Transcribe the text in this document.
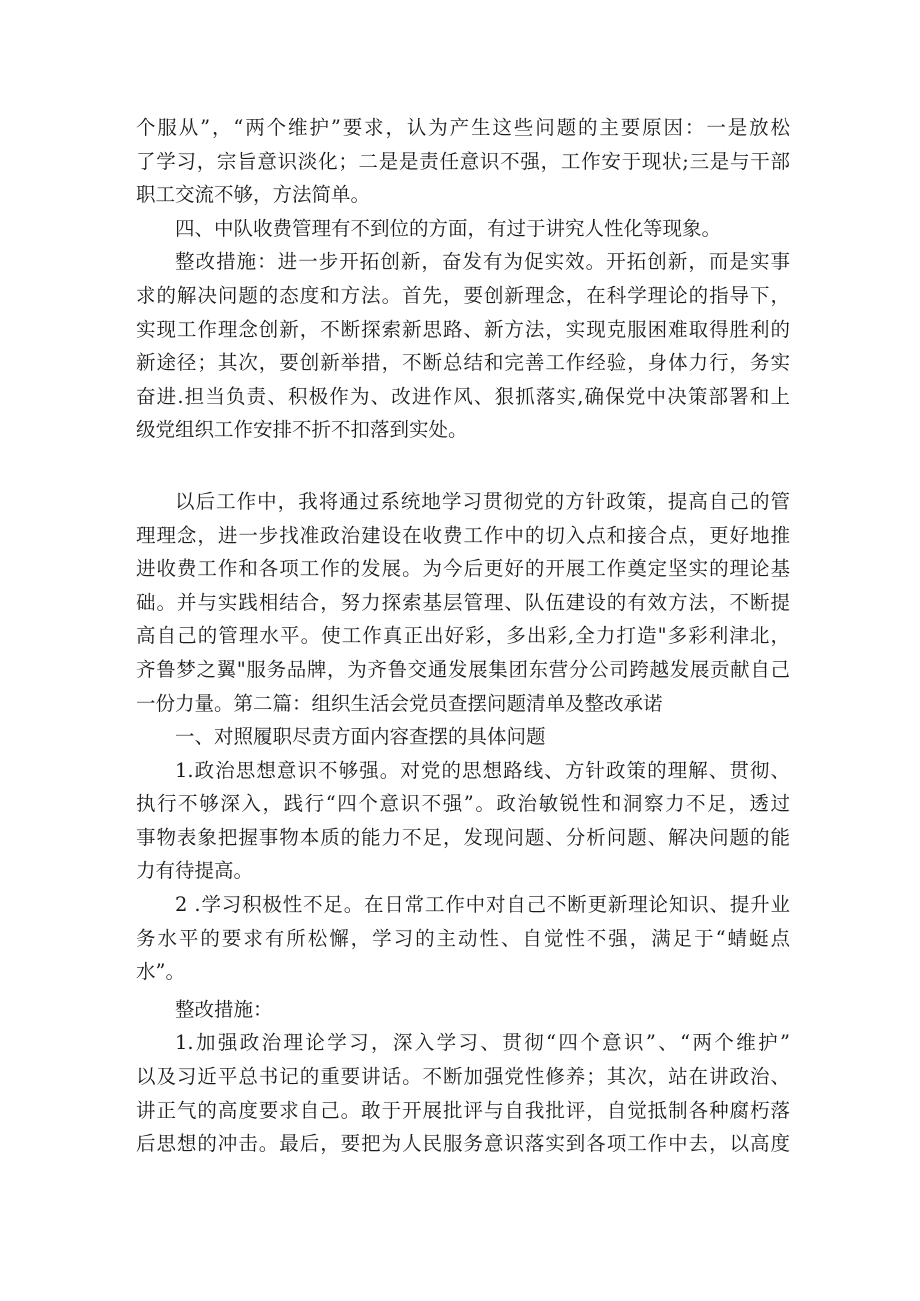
个服从”，“两个维护”要求，认为产生这些问题的主要原因：一是放松
了学习，宗旨意识淡化；二是是责任意识不强，工作安于现状;三是与干部
职工交流不够，方法简单。
四、中队收费管理有不到位的方面，有过于讲究人性化等现象。
整改措施：进一步开拓创新，奋发有为促实效。开拓创新，而是实事
求的解决问题的态度和方法。首先，要创新理念，在科学理论的指导下，
实现工作理念创新，不断探索新思路、新方法，实现克服困难取得胜利的
新途径；其次，要创新举措，不断总结和完善工作经验，身体力行，务实
奋进.担当负责、积极作为、改进作风、狠抓落实,确保党中决策部署和上
级党组织工作安排不折不扣落到实处。
以后工作中，我将通过系统地学习贯彻党的方针政策，提高自己的管
理理念，进一步找准政治建设在收费工作中的切入点和接合点，更好地推
进收费工作和各项工作的发展。为今后更好的开展工作奠定坚实的理论基
础。并与实践相结合，努力探索基层管理、队伍建设的有效方法，不断提
高自己的管理水平。使工作真正出好彩，多出彩,全力打造"多彩利津北，
齐鲁梦之翼"服务品牌，为齐鲁交通发展集团东营分公司跨越发展贡献自己
一份力量。第二篇：组织生活会党员查摆问题清单及整改承诺
一、对照履职尽责方面内容查摆的具体问题
1.政治思想意识不够强。对党的思想路线、方针政策的理解、贯彻、
执行不够深入，践行“四个意识不强”。政治敏锐性和洞察力不足，透过
事物表象把握事物本质的能力不足，发现问题、分析问题、解决问题的能
力有待提高。
2 .学习积极性不足。在日常工作中对自己不断更新理论知识、提升业
务水平的要求有所松懈，学习的主动性、自觉性不强，满足于“蜻蜓点
水”。
整改措施：
1.加强政治理论学习，深入学习、贯彻“四个意识”、“两个维护”
以及习近平总书记的重要讲话。不断加强党性修养；其次，站在讲政治、
讲正气的高度要求自己。敢于开展批评与自我批评，自觉抵制各种腐朽落
后思想的冲击。最后，要把为人民服务意识落实到各项工作中去，以高度
